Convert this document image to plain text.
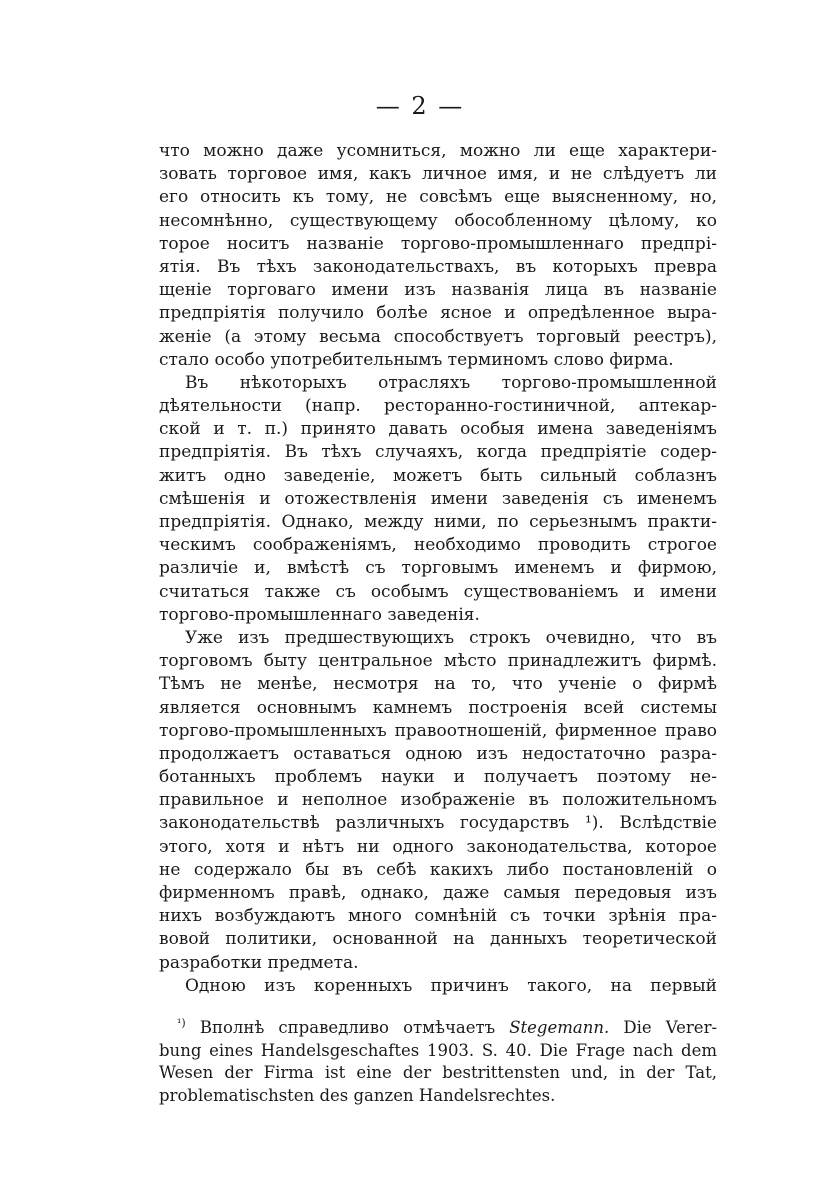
— 2 —
что можно даже усомниться, можно ли еще характери-
зовать торговое имя, какъ личное имя, и не слѣдуетъ ли
его относить къ тому, не совсѣмъ еще выясненному, но,
несомнѣнно, существующему обособленному цѣлому, ко
торое носитъ названіе торгово-промышленнаго предпрі-
ятія. Въ тѣхъ законодательствахъ, въ которыхъ превра
щеніе торговаго имени изъ названія лица въ названіе
предпріятія получило болѣе ясное и опредѣленное выра-
женіе (а этому весьма способствуетъ торговый реестръ),
стало особо употребительнымъ терминомъ слово фирма.
Въ нѣкоторыхъ отрасляхъ торгово-промышленной
дѣятельности (напр. ресторанно-гостиничной, аптекар-
ской и т. п.) принято давать особыя имена заведеніямъ
предпріятія. Въ тѣхъ случаяхъ, когда предпріятіе содер-
житъ одно заведеніе, можетъ быть сильный соблазнъ
смѣшенія и отожествленія имени заведенія съ именемъ
предпріятія. Однако, между ними, по серьезнымъ практи-
ческимъ соображеніямъ, необходимо проводить строгое
различіе и, вмѣстѣ съ торговымъ именемъ и фирмою,
считаться также съ особымъ существованіемъ и имени
торгово-промышленнаго заведенія.
Уже изъ предшествующихъ строкъ очевидно, что въ
торговомъ быту центральное мѣсто принадлежитъ фирмѣ.
Тѣмъ не менѣе, несмотря на то, что ученіе о фирмѣ
является основнымъ камнемъ построенія всей системы
торгово-промышленныхъ правоотношеній, фирменное право
продолжаетъ оставаться одною изъ недостаточно разра-
ботанныхъ проблемъ науки и получаетъ поэтому не-
правильное и неполное изображеніе въ положительномъ
законодательствѣ различныхъ государствъ ¹). Вслѣдствіе
этого, хотя и нѣтъ ни одного законодательства, которое
не содержало бы въ себѣ какихъ либо постановленій о
фирменномъ правѣ, однако, даже самыя передовыя изъ
нихъ возбуждаютъ много сомнѣній съ точки зрѣнія пра-
вовой политики, основанной на данныхъ теоретической
разработки предмета.
Одною изъ коренныхъ причинъ такого, на первый
$^{^1)}$ Вполнѣ справедливо отмѣчаетъ Stegemann. Die Verer-
bung eines Handelsgeschaftes 1903. S. 40. Die Frage nach dem
Wesen der Firma ist eine der bestrittensten und, in der Tat,
problematischsten des ganzen Handelsrechtes.
